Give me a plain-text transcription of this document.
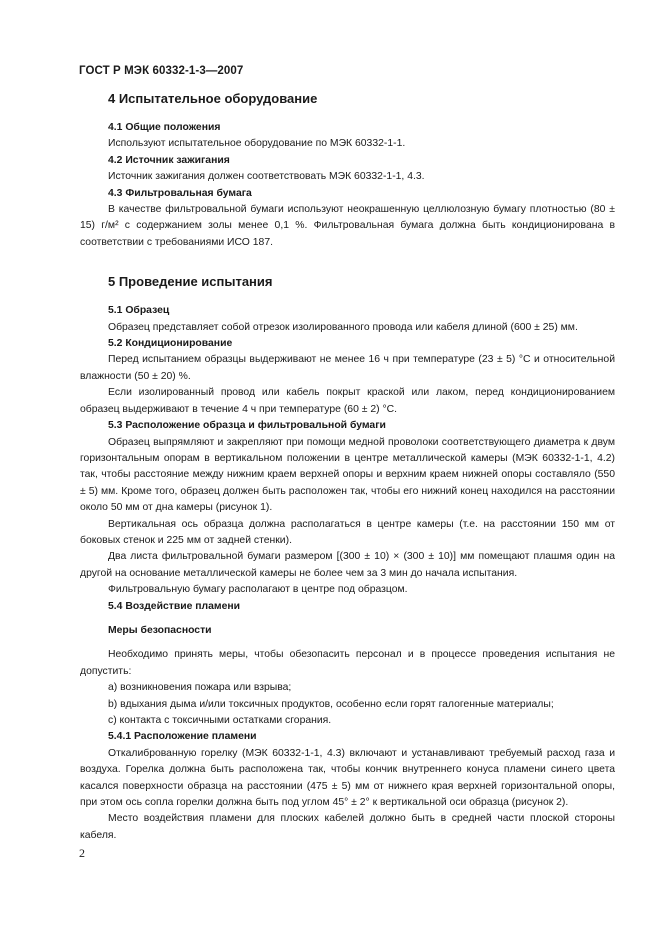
ГОСТ Р МЭК 60332-1-3—2007
4 Испытательное оборудование
4.1 Общие положения

Используют испытательное оборудование по МЭК 60332-1-1.

4.2 Источник зажигания

Источник зажигания должен соответствовать МЭК 60332-1-1, 4.3.

4.3 Фильтровальная бумага

В качестве фильтровальной бумаги используют неокрашенную целлюлозную бумагу плотностью (80 ± 15) г/м² с содержанием золы менее 0,1 %. Фильтровальная бумага должна быть кондиционирована в соответствии с требованиями ИСО 187.

5 Проведение испытания
5.1 Образец

Образец представляет собой отрезок изолированного провода или кабеля длиной (600 ± 25) мм.

5.2 Кондиционирование

Перед испытанием образцы выдерживают не менее 16 ч при температуре (23 ± 5) °С и относительной влажности (50 ± 20) %.

Если изолированный провод или кабель покрыт краской или лаком, перед кондиционированием образец выдерживают в течение 4 ч при температуре (60 ± 2) °С.

5.3 Расположение образца и фильтровальной бумаги

Образец выпрямляют и закрепляют при помощи медной проволоки соответствующего диаметра к двум горизонтальным опорам в вертикальном положении в центре металлической камеры (МЭК 60332-1-1, 4.2) так, чтобы расстояние между нижним краем верхней опоры и верхним краем нижней опоры составляло (550 ± 5) мм. Кроме того, образец должен быть расположен так, чтобы его нижний конец находился на расстоянии около 50 мм от дна камеры (рисунок 1).

Вертикальная ось образца должна располагаться в центре камеры (т.е. на расстоянии 150 мм от боковых стенок и 225 мм от задней стенки).

Два листа фильтровальной бумаги размером [(300 ± 10) × (300 ± 10)] мм помещают плашмя один на другой на основание металлической камеры не более чем за 3 мин до начала испытания.

Фильтровальную бумагу располагают в центре под образцом.

5.4 Воздействие пламени
Меры безопасности

Необходимо принять меры, чтобы обезопасить персонал и в процессе проведения испытания не допустить:

а) возникновения пожара или взрыва;
b) вдыхания дыма и/или токсичных продуктов, особенно если горят галогенные материалы;
с) контакта с токсичными остатками сгорания.
5.4.1 Расположение пламени

Откалиброванную горелку (МЭК 60332-1-1, 4.3) включают и устанавливают требуемый расход газа и воздуха. Горелка должна быть расположена так, чтобы кончик внутреннего конуса пламени синего цвета касался поверхности образца на расстоянии (475 ± 5) мм от нижнего края верхней горизонтальной опоры, при этом ось сопла горелки должна быть под углом 45° ± 2° к вертикальной оси образца (рисунок 2).

Место воздействия пламени для плоских кабелей должно быть в средней части плоской стороны кабеля.

2
